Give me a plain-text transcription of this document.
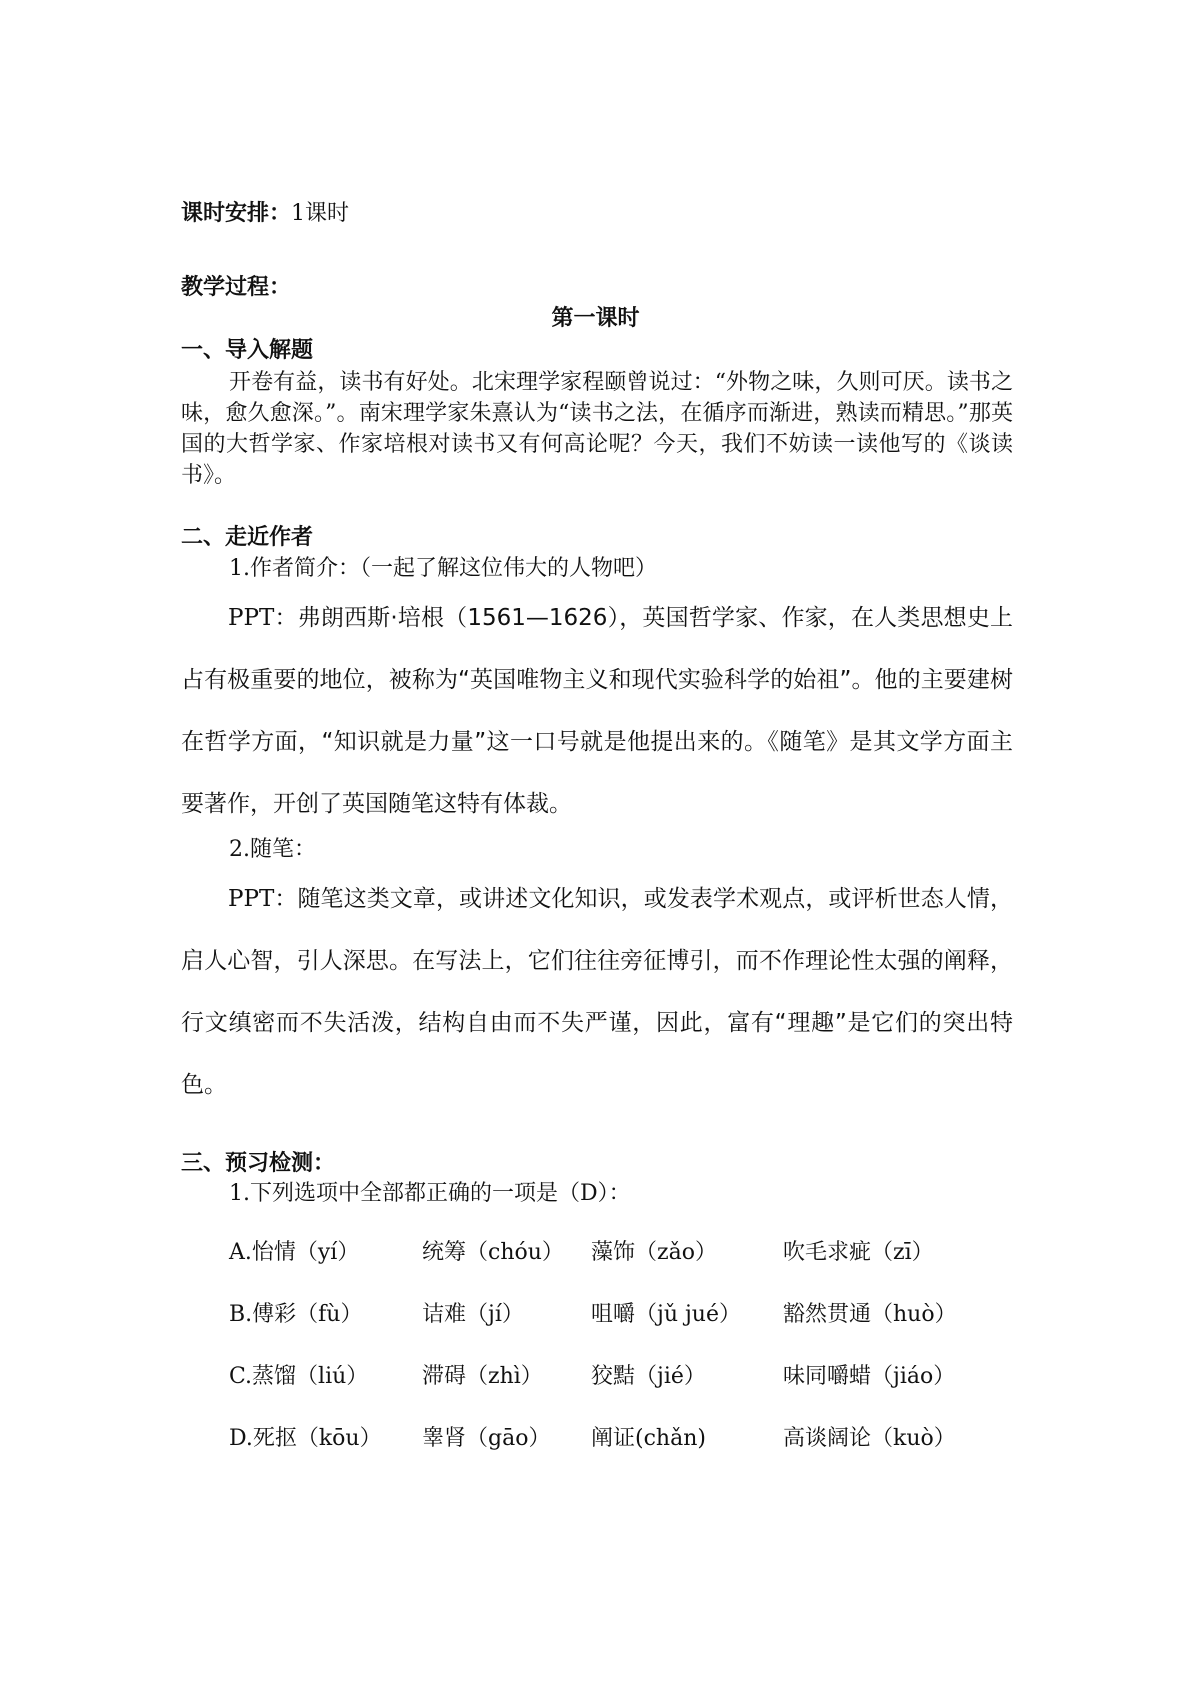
课时安排：1课时
教学过程：
第一课时
一、导入解题
开卷有益，读书有好处。北宋理学家程颐曾说过：“外物之味，久则可厌。读书之味，愈久愈深。”。南宋理学家朱熹认为“读书之法，在循序而渐进，熟读而精思。”那英国的大哲学家、作家培根对读书又有何高论呢？今天，我们不妨读一读他写的《谈读书》。
二、走近作者
1.作者简介：（一起了解这位伟大的人物吧）
PPT：弗朗西斯·培根（1561—1626），英国哲学家、作家，在人类思想史上占有极重要的地位，被称为“英国唯物主义和现代实验科学的始祖”。他的主要建树在哲学方面，“知识就是力量”这一口号就是他提出来的。《随笔》是其文学方面主要著作，开创了英国随笔这特有体裁。
2.随笔：
PPT：随笔这类文章，或讲述文化知识，或发表学术观点，或评析世态人情，启人心智，引人深思。在写法上，它们往往旁征博引，而不作理论性太强的阐释，行文缜密而不失活泼，结构自由而不失严谨，因此，富有“理趣”是它们的突出特色。
三、预习检测：
1.下列选项中全部都正确的一项是（D）：
A.怡情（yí）	统筹（chóu） 藻饰（zǎo）	吹毛求疵（zī）
B.傅彩（fù）	诘难（jí）	咀嚼（jǔ jué） 豁然贯通（huò）
C.蒸馏（liú） 滞碍（zhì） 狡黠（jié）	味同嚼蜡（jiáo）
D.死抠（kōu） 睾肾（gāo） 阐证(chǎn)	高谈阔论（kuò）
